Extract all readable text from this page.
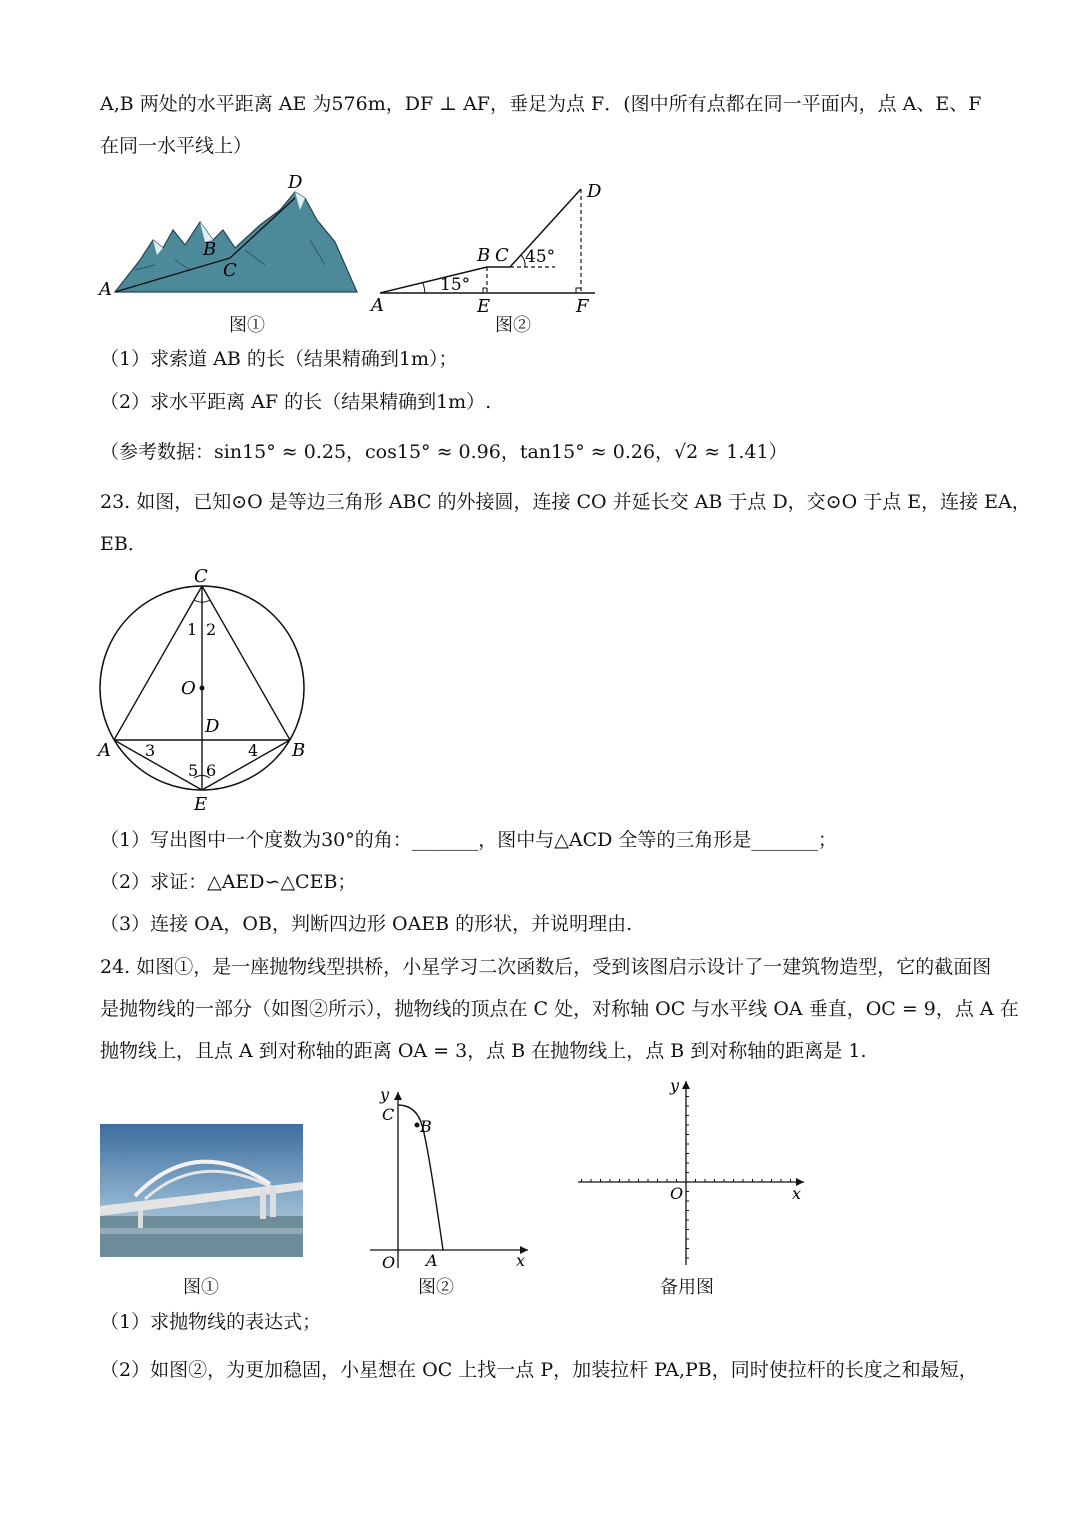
A,B 两处的水平距离 AE 为576m，DF ⊥ AF，垂足为点 F．(图中所有点都在同一平面内，点 A、E、F
在同一水平线上）
A
B
C
D
图①
A
B C
D
E	F
15°
45°
图②
（1）求索道 AB 的长（结果精确到1m）；
（2）求水平距离 AF 的长（结果精确到1m）.
（参考数据：sin15° ≈ 0.25，cos15° ≈ 0.96，tan15° ≈ 0.26，√2 ≈ 1.41）
23. 如图，已知⊙O 是等边三角形 ABC 的外接圆，连接 CO 并延长交 AB 于点 D，交⊙O 于点 E，连接 EA，
EB．
C
O
D
A	B
E
1 2
3	4
5 6
（1）写出图中一个度数为30°的角：_______，图中与△ACD 全等的三角形是_______；
（2）求证：△AED∽△CEB；
（3）连接 OA，OB，判断四边形 OAEB 的形状，并说明理由.
24. 如图①，是一座抛物线型拱桥，小星学习二次函数后，受到该图启示设计了一建筑物造型，它的截面图
是抛物线的一部分（如图②所示），抛物线的顶点在 C 处，对称轴 OC 与水平线 OA 垂直，OC = 9，点 A 在
抛物线上，且点 A 到对称轴的距离 OA = 3，点 B 在抛物线上，点 B 到对称轴的距离是 1.
图①
y
C
B
O A	x
图②
y
O	x
备用图
（1）求抛物线的表达式；
（2）如图②，为更加稳固，小星想在 OC 上找一点 P，加装拉杆 PA,PB，同时使拉杆的长度之和最短，
